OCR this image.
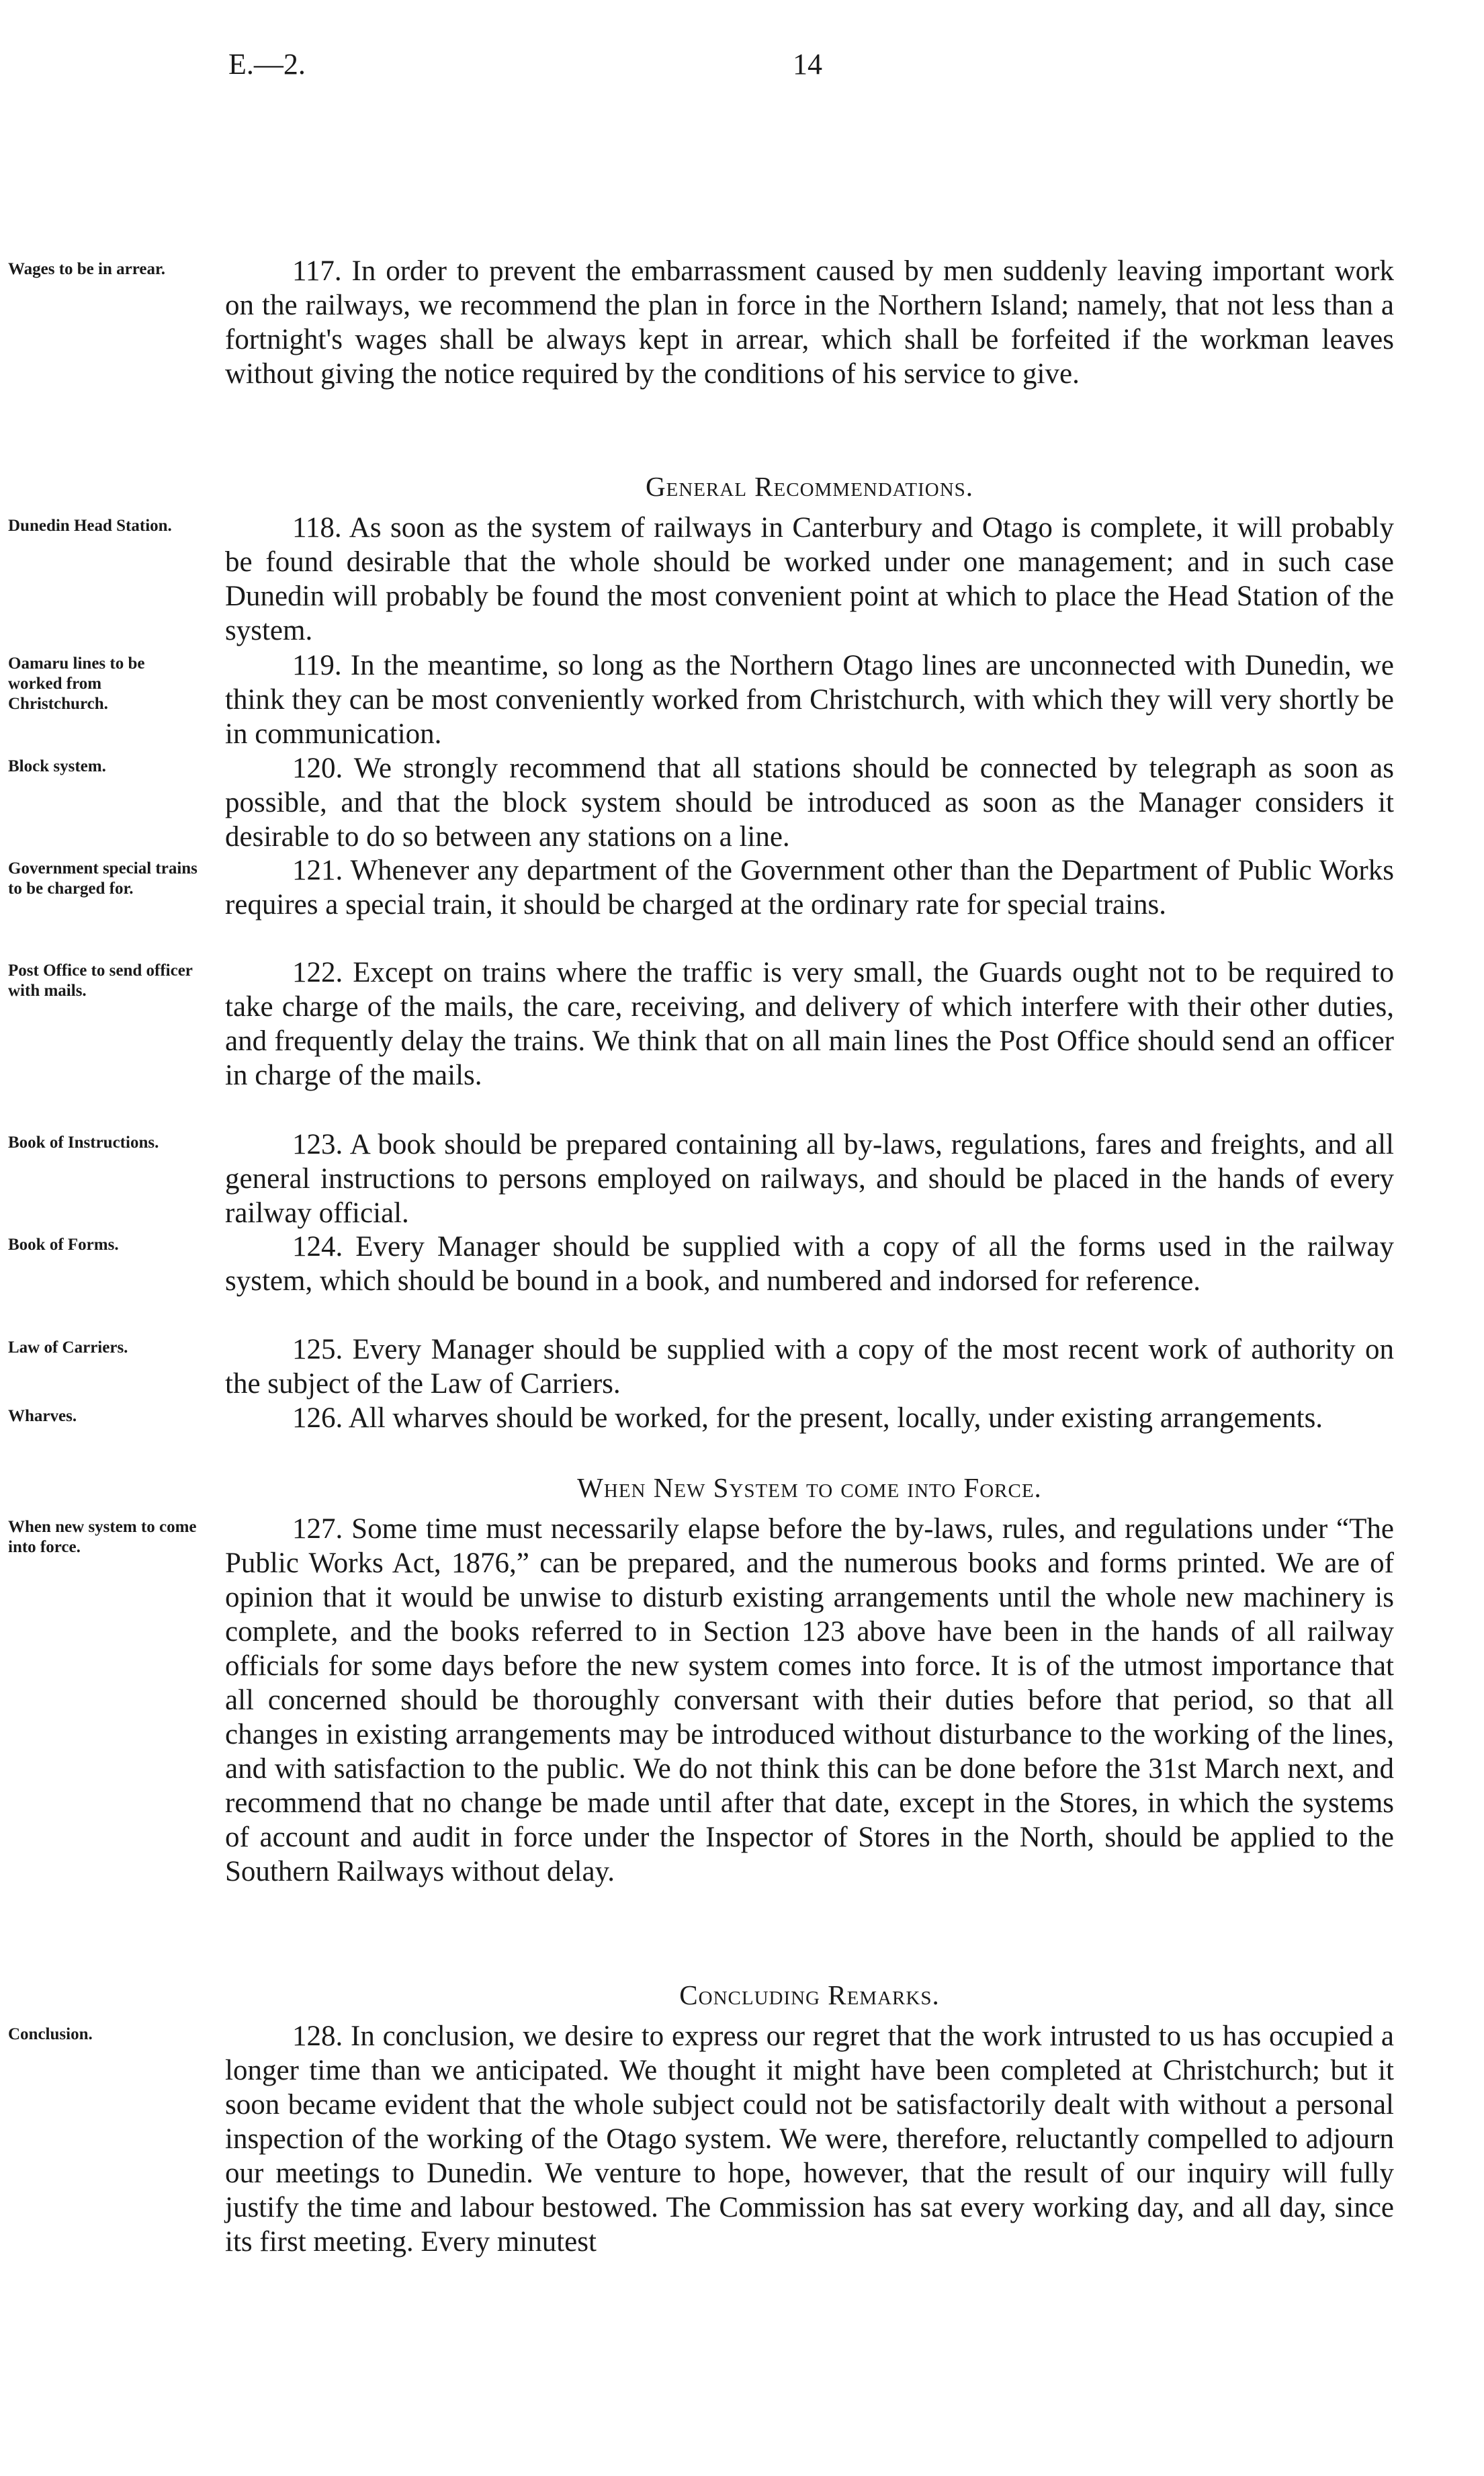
E.—2.	14
Wages to be in arrear.	117. In order to prevent the embarrassment caused by men suddenly leaving important work on the railways, we recommend the plan in force in the Northern Island; namely, that not less than a fortnight's wages shall be always kept in arrear, which shall be forfeited if the workman leaves without giving the notice required by the conditions of his service to give.
General Recommendations.
Dunedin Head Station.	118. As soon as the system of railways in Canterbury and Otago is complete, it will probably be found desirable that the whole should be worked under one management; and in such case Dunedin will probably be found the most convenient point at which to place the Head Station of the system.
Oamaru lines to be worked from Christchurch.
119. In the meantime, so long as the Northern Otago lines are unconnected with Dunedin, we think they can be most conveniently worked from Christchurch, with which they will very shortly be in communication.
Block system.	120. We strongly recommend that all stations should be connected by telegraph as soon as possible, and that the block system should be introduced as soon as the Manager considers it desirable to do so between any stations on a line.
Government special trains to be charged for.
121. Whenever any department of the Government other than the Department of Public Works requires a special train, it should be charged at the ordinary rate for special trains.
Post Office to send officer with mails.
122. Except on trains where the traffic is very small, the Guards ought not to be required to take charge of the mails, the care, receiving, and delivery of which interfere with their other duties, and frequently delay the trains. We think that on all main lines the Post Office should send an officer in charge of the mails.
Book of Instructions.	123. A book should be prepared containing all by-laws, regulations, fares and freights, and all general instructions to persons employed on railways, and should be placed in the hands of every railway official.
Book of Forms.	124. Every Manager should be supplied with a copy of all the forms used in the railway system, which should be bound in a book, and numbered and indorsed for reference.
Law of Carriers.	125. Every Manager should be supplied with a copy of the most recent work of authority on the subject of the Law of Carriers.
Wharves.	126. All wharves should be worked, for the present, locally, under existing arrangements.
When New System to come into Force.
When new system to come into force.
127. Some time must necessarily elapse before the by-laws, rules, and regulations under “The Public Works Act, 1876,” can be prepared, and the numerous books and forms printed. We are of opinion that it would be unwise to disturb existing arrangements until the whole new machinery is complete, and the books referred to in Section 123 above have been in the hands of all railway officials for some days before the new system comes into force. It is of the utmost importance that all concerned should be thoroughly conversant with their duties before that period, so that all changes in existing arrangements may be introduced without disturbance to the working of the lines, and with satisfaction to the public. We do not think this can be done before the 31st March next, and recommend that no change be made until after that date, except in the Stores, in which the systems of account and audit in force under the Inspector of Stores in the North, should be applied to the Southern Railways without delay.
Concluding Remarks.
Conclusion.	128. In conclusion, we desire to express our regret that the work intrusted to us has occupied a longer time than we anticipated. We thought it might have been completed at Christchurch; but it soon became evident that the whole subject could not be satisfactorily dealt with without a personal inspection of the working of the Otago system. We were, therefore, reluctantly compelled to adjourn our meetings to Dunedin. We venture to hope, however, that the result of our inquiry will fully justify the time and labour bestowed. The Commission has sat every working day, and all day, since its first meeting. Every minutest
